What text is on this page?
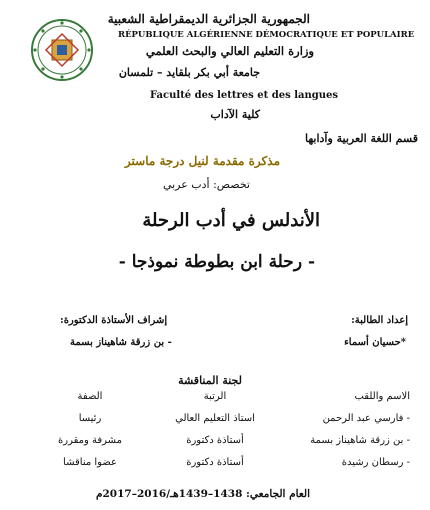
الجمهورية الجزائرية الديمقراطية الشعبية
RÉPUBLIQUE ALGÉRIENNE DÉMOCRATIQUE ET POPULAIRE
وزارة التعليم العالي والبحث العلمي
جامعة أبي بكر بلقايد – تلمسان
Faculté des lettres et des langues
كلية الآداب
قسم اللغة العربية وآدابها
مذكرة مقدمة لنيل درجة ماستر
تخصص: أدب عربي
الأندلس في أدب الرحلة
- رحلة ابن بطوطة نموذجا -
إعداد الطالبة:
*حسيان أسماء
إشراف الأستاذة الدكتورة:
- بن زرقة شاهيناز بسمة
لجنة المناقشة
الاسم واللقب
- فارسي عبد الرحمن
- بن زرقة شاهيناز بسمة
- رسطان رشيدة
الرتبة
استاذ التعليم العالي
أستاذة دكتورة
أستاذة دكتورة
الصفة
رئيسا
مشرفة ومقررة
عضوا مناقشا
العام الجامعي: 1438–1439هـ/2016–2017م
